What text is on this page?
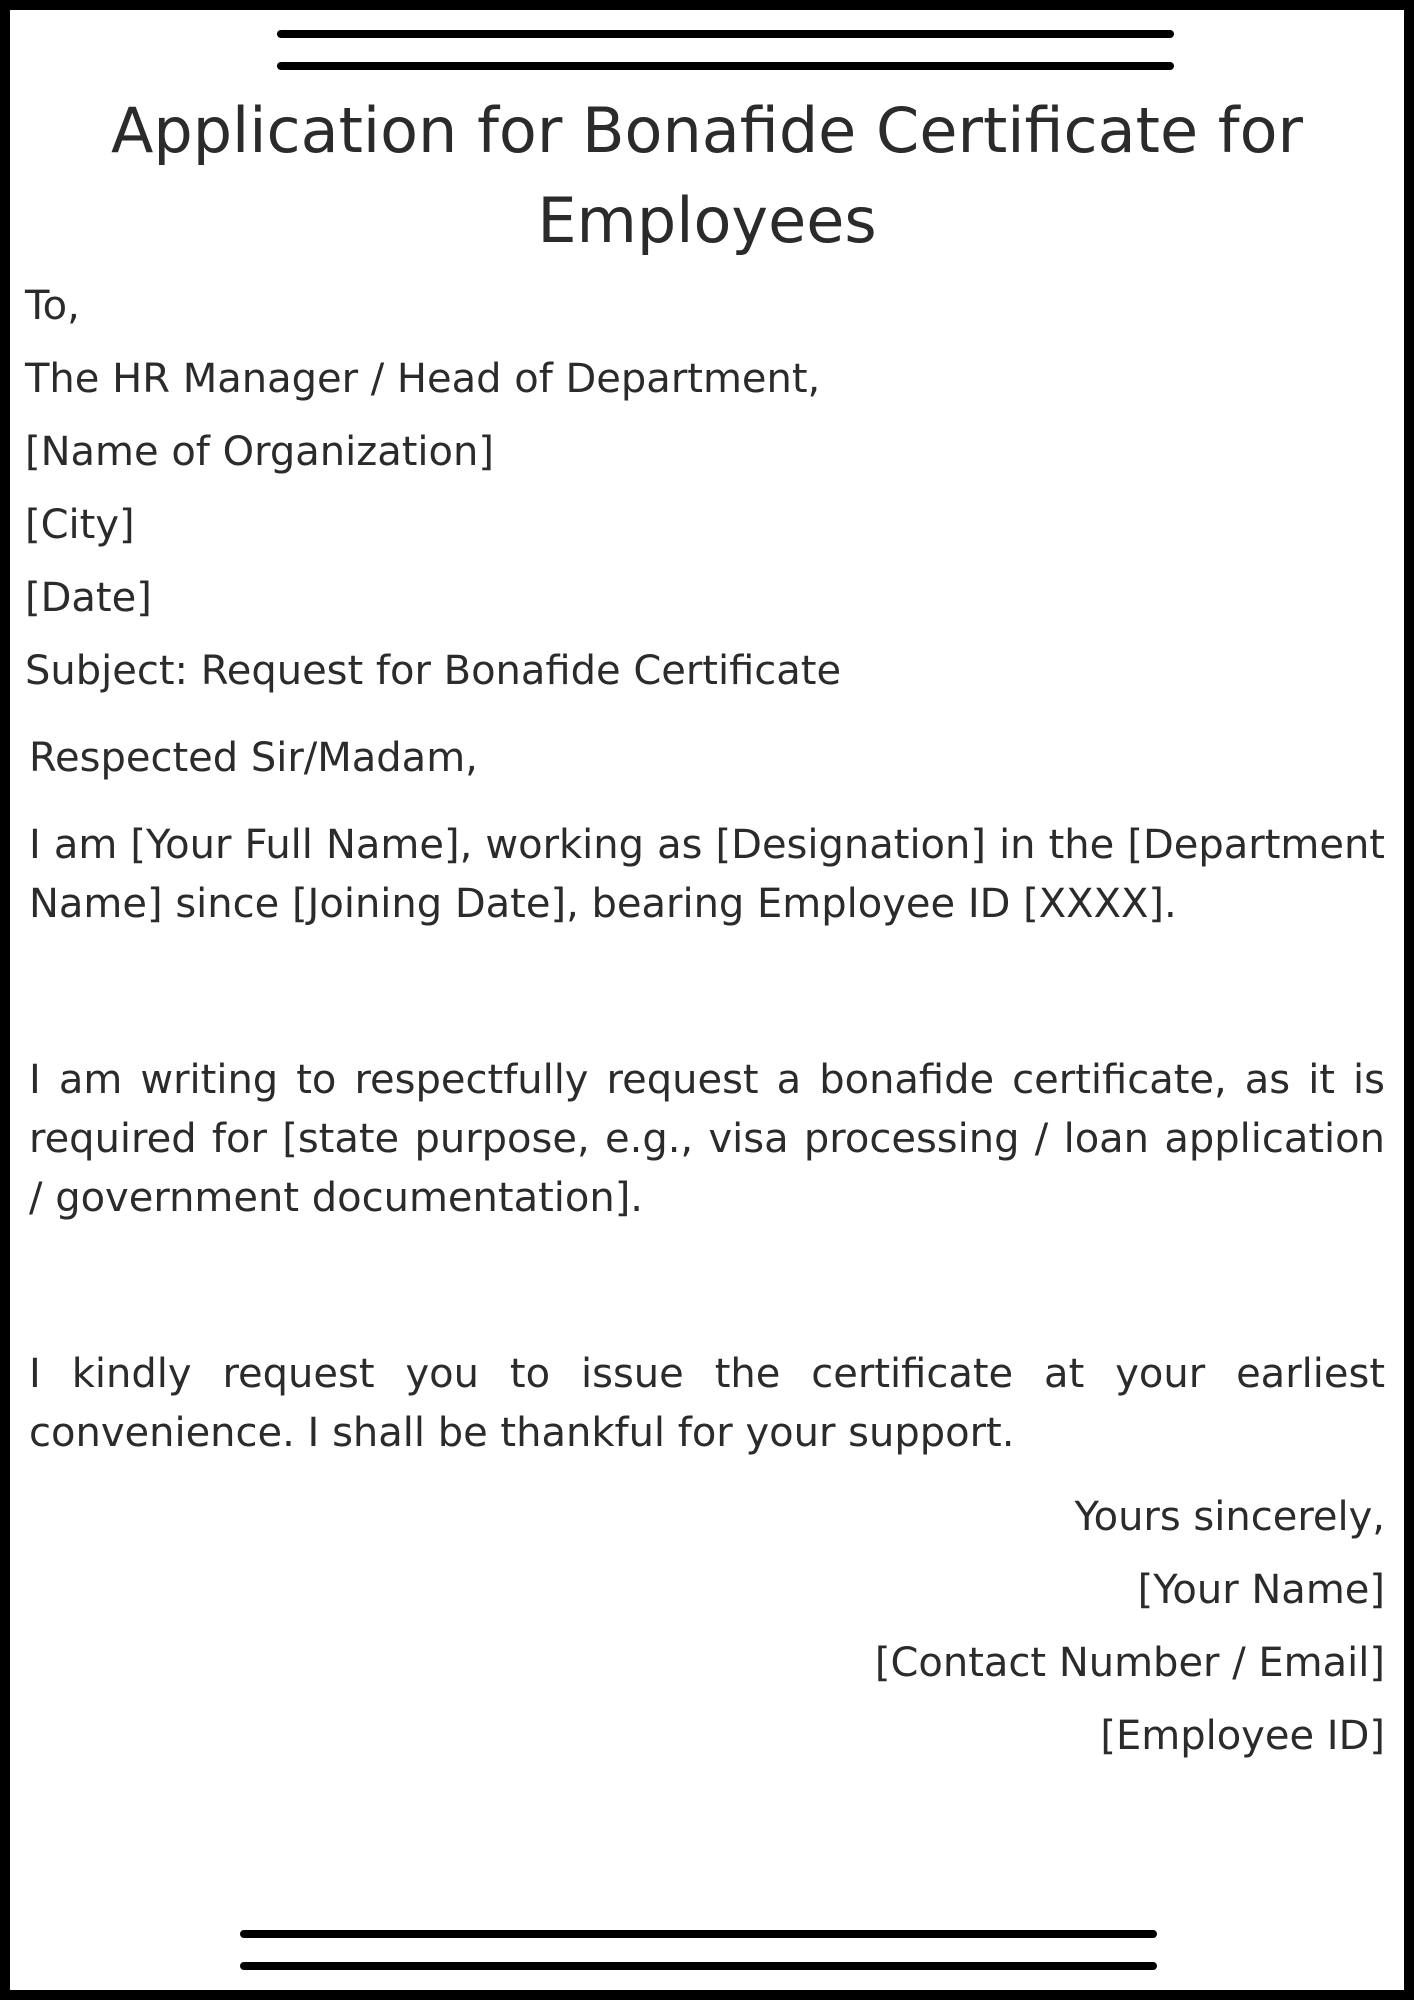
Application for Bonafide Certificate for Employees

To,

The HR Manager / Head of Department,

[Name of Organization]

[City]

[Date]

Subject: Request for Bonafide Certificate

Respected Sir/Madam,

I am [Your Full Name], working as [Designation] in the [Department Name] since [Joining Date], bearing Employee ID [XXXX].

I am writing to respectfully request a bonafide certificate, as it is required for [state purpose, e.g., visa processing / loan application / government documentation].

I kindly request you to issue the certificate at your earliest convenience. I shall be thankful for your support.

Yours sincerely,

[Your Name]

[Contact Number / Email]

[Employee ID]
